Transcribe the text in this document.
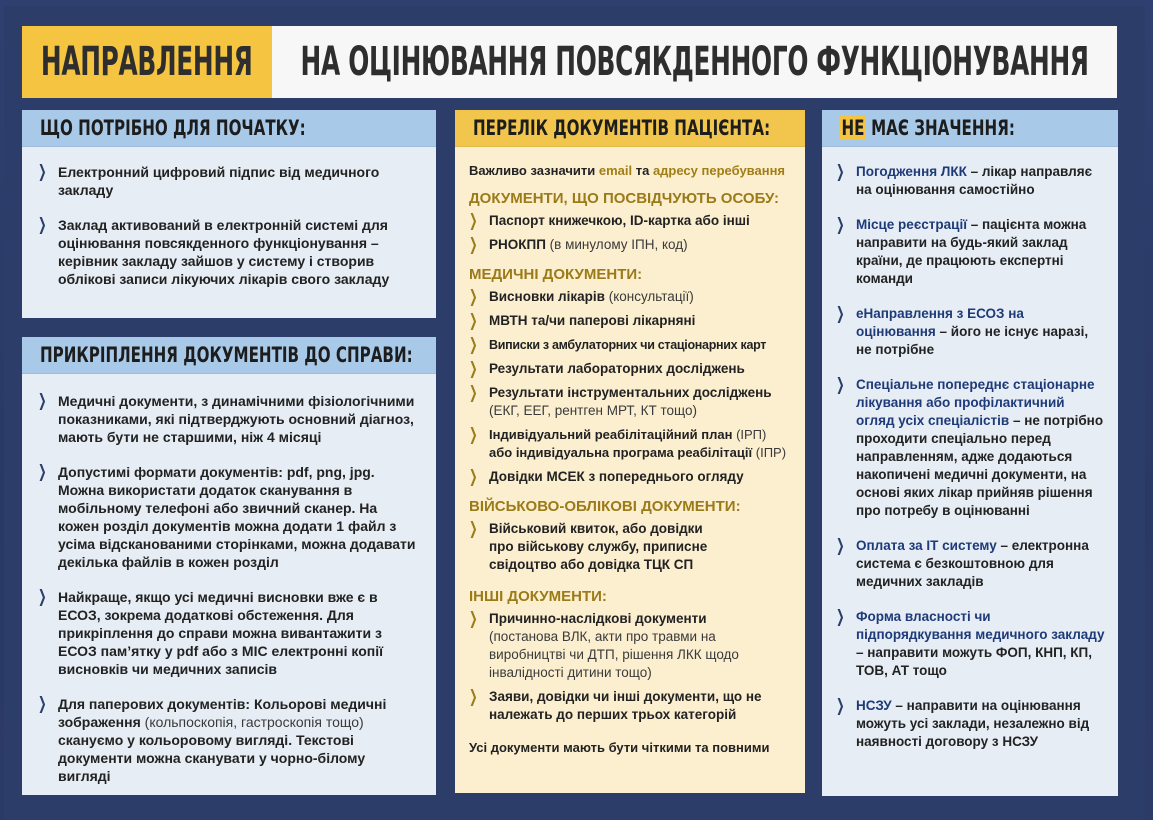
НАПРАВЛЕННЯ НА ОЦІНЮВАННЯ ПОВСЯКДЕННОГО ФУНКЦІОНУВАННЯ
ЩО ПОТРІБНО ДЛЯ ПОЧАТКУ:
❯ Електронний цифровий підпис від медичного закладу
❯ Заклад активований в електронній системі для оцінювання повсякденного функціонування – керівник закладу зайшов у систему і створив облікові записи лікуючих лікарів свого закладу
ПРИКРІПЛЕННЯ ДОКУМЕНТІВ ДО СПРАВИ:
❯ Медичні документи, з динамічними фізіологічними показниками, які підтверджують основний діагноз, мають бути не старшими, ніж 4 місяці
❯ Допустимі формати документів: pdf, png, jpg. Можна використати додаток сканування в мобільному телефоні або звичний сканер. На кожен розділ документів можна додати 1 файл з усіма відсканованими сторінками, можна додавати декілька файлів в кожен розділ
❯ Найкраще, якщо усі медичні висновки вже є в ЕСОЗ, зокрема додаткові обстеження. Для прикріплення до справи можна вивантажити з ЕСОЗ пам’ятку у pdf або з МІС електронні копії висновків чи медичних записів
❯ Для паперових документів: Кольорові медичні зображення (кольпоскопія, гастроскопія тощо) скануємо у кольоровому вигляді. Текстові документи можна сканувати у чорно-білому вигляді
ПЕРЕЛІК ДОКУМЕНТІВ ПАЦІЄНТА:
Важливо зазначити email та адресу перебування
ДОКУМЕНТИ, ЩО ПОСВІДЧУЮТЬ ОСОБУ:
❯ Паспорт книжечкою, ID-картка або інші
❯ РНОКПП (в минулому ІПН, код)
МЕДИЧНІ ДОКУМЕНТИ:
❯ Висновки лікарів (консультації)
❯ МВТН та/чи паперові лікарняні
❯ Виписки з амбулаторних чи стаціонарних карт
❯ Результати лабораторних досліджень
❯ Результати інструментальних досліджень
(ЕКГ, ЕЕГ, рентген МРТ, КТ тощо)
❯ Індивідуальний реабілітаційний план (ІРП)
або індивідуальна програма реабілітації (ІПР)
❯ Довідки МСЕК з попереднього огляду
ВІЙСЬКОВО-ОБЛІКОВІ ДОКУМЕНТИ:
❯ Військовий квиток, або довідки про військову службу, приписне свідоцтво або довідка ТЦК СП
ІНШІ ДОКУМЕНТИ:
❯ Причинно-наслідкові документи
(постанова ВЛК, акти про травми на виробництві чи ДТП, рішення ЛКК щодо інвалідності дитини тощо)
❯ Заяви, довідки чи інші документи, що не належать до перших трьох категорій
Усі документи мають бути чіткими та повними
НЕ МАЄ ЗНАЧЕННЯ:
❯ Погодження ЛКК – лікар направляє на оцінювання самостійно
❯ Місце реєстрації – пацієнта можна направити на будь-який заклад країни, де працюють експертні команди
❯ еНаправлення з ЕСОЗ на оцінювання – його не існує наразі, не потрібне
❯ Спеціальне попереднє стаціонарне лікування або профілактичний огляд усіх спеціалістів – не потрібно проходити спеціально перед направленням, адже додаються накопичені медичні документи, на основі яких лікар прийняв рішення про потребу в оцінюванні
❯ Оплата за ІТ систему – електронна система є безкоштовною для медичних закладів
❯ Форма власності чи підпорядкування медичного закладу – направити можуть ФОП, КНП, КП, ТОВ, АТ тощо
❯ НСЗУ – направити на оцінювання можуть усі заклади, незалежно від наявності договору з НСЗУ
